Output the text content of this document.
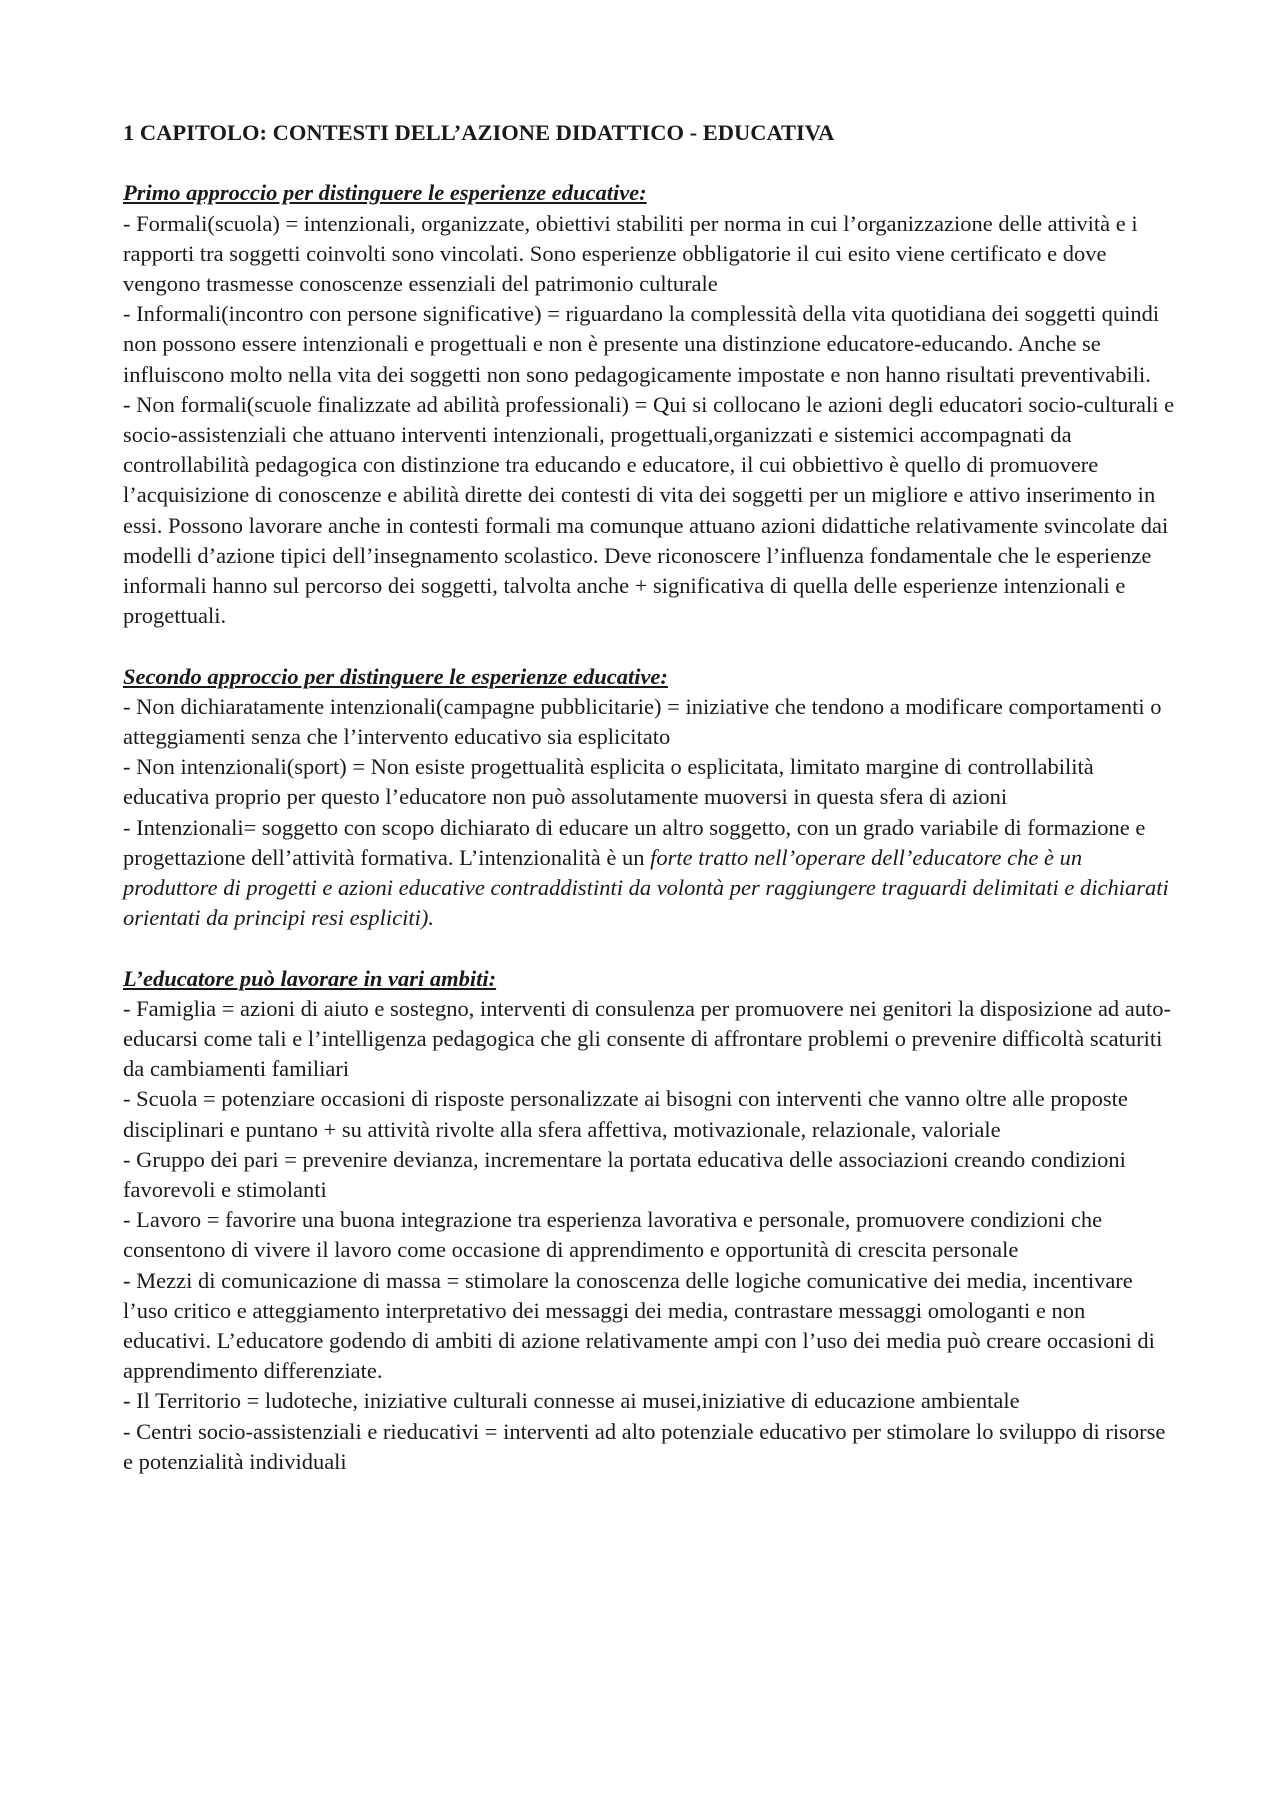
1 CAPITOLO: CONTESTI DELL’AZIONE DIDATTICO - EDUCATIVA

Primo approccio per distinguere le esperienze educative:

- Formali(scuola) = intenzionali, organizzate, obiettivi stabiliti per norma in cui l’organizzazione delle attività e i rapporti tra soggetti coinvolti sono vincolati. Sono esperienze obbligatorie il cui esito viene certificato e dove vengono trasmesse conoscenze essenziali del patrimonio culturale

- Informali(incontro con persone significative) = riguardano la complessità della vita quotidiana dei soggetti quindi non possono essere intenzionali e progettuali e non è presente una distinzione educatore-educando. Anche se influiscono molto nella vita dei soggetti non sono pedagogicamente impostate e non hanno risultati preventivabili.

- Non formali(scuole finalizzate ad abilità professionali) = Qui si collocano le azioni degli educatori socio-culturali e socio-assistenziali che attuano interventi intenzionali, progettuali,organizzati e sistemici accompagnati da controllabilità pedagogica con distinzione tra educando e educatore, il cui obbiettivo è quello di promuovere l’acquisizione di conoscenze e abilità dirette dei contesti di vita dei soggetti per un migliore e attivo inserimento in essi. Possono lavorare anche in contesti formali ma comunque attuano azioni didattiche relativamente svincolate dai modelli d’azione tipici dell’insegnamento scolastico. Deve riconoscere l’influenza fondamentale che le esperienze informali hanno sul percorso dei soggetti, talvolta anche + significativa di quella delle esperienze intenzionali e progettuali.

Secondo approccio per distinguere le esperienze educative:

- Non dichiaratamente intenzionali(campagne pubblicitarie) = iniziative che tendono a modificare comportamenti o atteggiamenti senza che l’intervento educativo sia esplicitato

- Non intenzionali(sport) = Non esiste progettualità esplicita o esplicitata, limitato margine di controllabilità educativa proprio per questo l’educatore non può assolutamente muoversi in questa sfera di azioni

- Intenzionali= soggetto con scopo dichiarato di educare un altro soggetto, con un grado variabile di formazione e progettazione dell’attività formativa. L’intenzionalità è un forte tratto nell’operare dell’educatore che è un produttore di progetti e azioni educative contraddistinti da volontà per raggiungere traguardi delimitati e dichiarati orientati da principi resi espliciti).

L’educatore può lavorare in vari ambiti:

- Famiglia = azioni di aiuto e sostegno, interventi di consulenza per promuovere nei genitori la disposizione ad auto-educarsi come tali e l’intelligenza pedagogica che gli consente di affrontare problemi o prevenire difficoltà scaturiti da cambiamenti familiari

- Scuola = potenziare occasioni di risposte personalizzate ai bisogni con interventi che vanno oltre alle proposte disciplinari e puntano + su attività rivolte alla sfera affettiva, motivazionale, relazionale, valoriale

- Gruppo dei pari = prevenire devianza, incrementare la portata educativa delle associazioni creando condizioni favorevoli e stimolanti

- Lavoro = favorire una buona integrazione tra esperienza lavorativa e personale, promuovere condizioni che consentono di vivere il lavoro come occasione di apprendimento e opportunità di crescita personale

- Mezzi di comunicazione di massa = stimolare la conoscenza delle logiche comunicative dei media, incentivare l’uso critico e atteggiamento interpretativo dei messaggi dei media, contrastare messaggi omologanti e non educativi. L’educatore godendo di ambiti di azione relativamente ampi con l’uso dei media può creare occasioni di apprendimento differenziate.

- Il Territorio = ludoteche, iniziative culturali connesse ai musei,iniziative di educazione ambientale

- Centri socio-assistenziali e rieducativi = interventi ad alto potenziale educativo per stimolare lo sviluppo di risorse e potenzialità individuali
